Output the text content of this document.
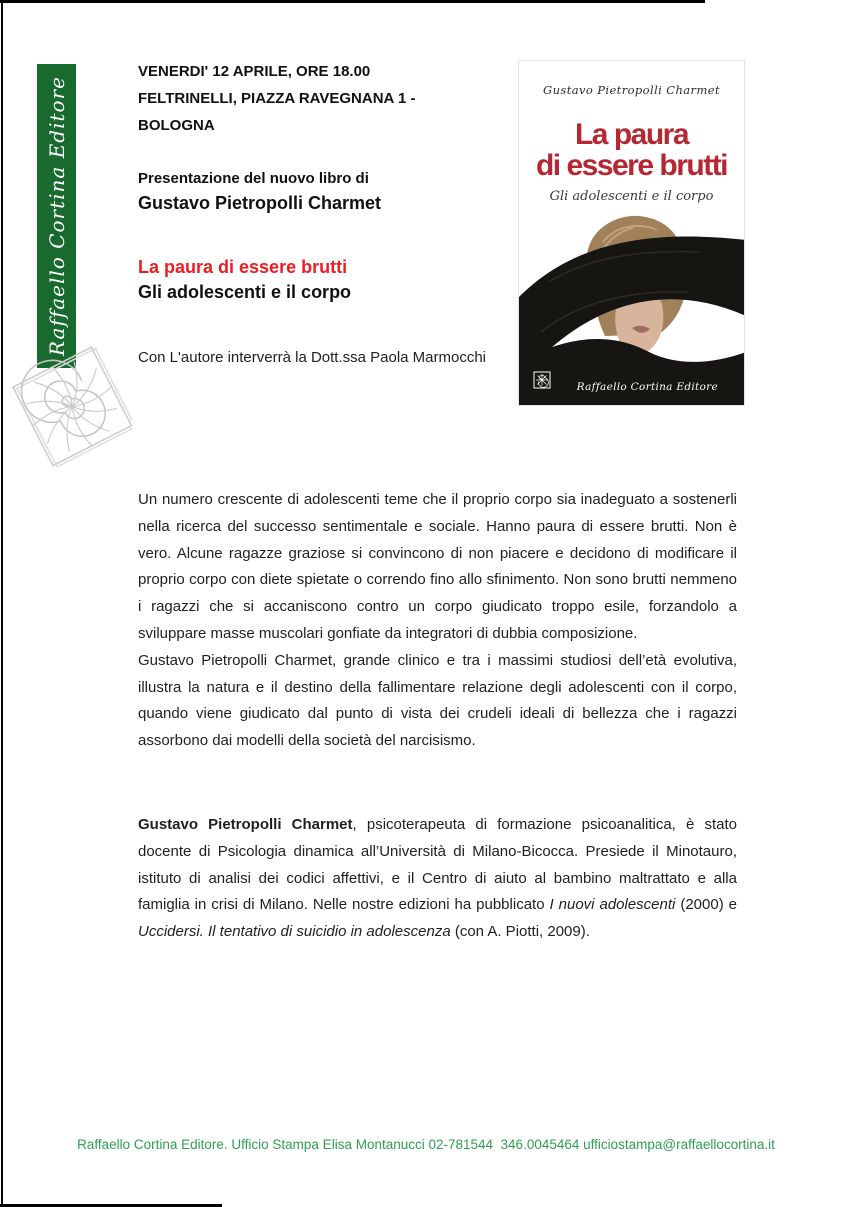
Raffaello Cortina Editore
VENERDI' 12 APRILE, ORE 18.00
FELTRINELLI, PIAZZA RAVEGNANA 1 -
BOLOGNA
Presentazione del nuovo libro di
Gustavo Pietropolli Charmet
La paura di essere brutti
Gli adolescenti e il corpo
Con L'autore interverrà la Dott.ssa Paola Marmocchi
Gustavo Pietropolli Charmet
La paura
di essere brutti
Gli adolescenti e il corpo
Raffaello Cortina Editore

Un numero crescente di adolescenti teme che il proprio corpo sia inadeguato a sostenerli nella ricerca del successo sentimentale e sociale. Hanno paura di essere brutti. Non è vero. Alcune ragazze graziose si convincono di non piacere e decidono di modificare il proprio corpo con diete spietate o correndo fino allo sfinimento. Non sono brutti nemmeno i ragazzi che si accaniscono contro un corpo giudicato troppo esile, forzandolo a sviluppare masse muscolari gonfiate da integratori di dubbia composizione.

Gustavo Pietropolli Charmet, grande clinico e tra i massimi studiosi dell’età evolutiva, illustra la natura e il destino della fallimentare relazione degli adolescenti con il corpo, quando viene giudicato dal punto di vista dei crudeli ideali di bellezza che i ragazzi assorbono dai modelli della società del narcisismo.

Gustavo Pietropolli Charmet, psicoterapeuta di formazione psicoanalitica, è stato docente di Psicologia dinamica all’Università di Milano-Bicocca. Presiede il Minotauro, istituto di analisi dei codici affettivi, e il Centro di aiuto al bambino maltrattato e alla famiglia in crisi di Milano. Nelle nostre edizioni ha pubblicato I nuovi adolescenti (2000) e Uccidersi. Il tentativo di suicidio in adolescenza (con A. Piotti, 2009).
Raffaello Cortina Editore. Ufficio Stampa Elisa Montanucci 02-781544  346.0045464 ufficiostampa@raffaellocortina.it
